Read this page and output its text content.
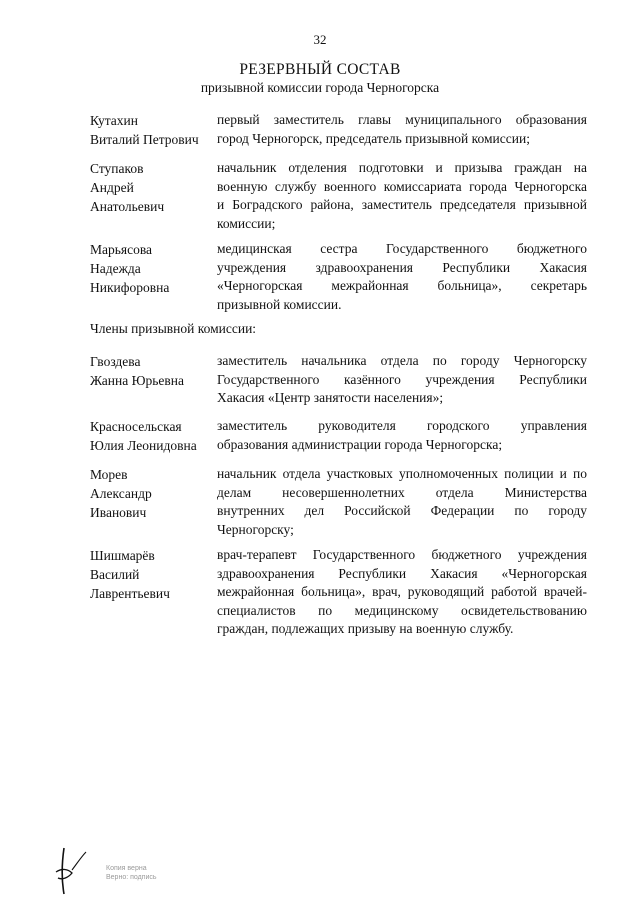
32
РЕЗЕРВНЫЙ СОСТАВ
призывной комиссии города Черногорска
Кутахин
Виталий Петрович
первый заместитель главы муниципального образования
город Черногорск, председатель призывной комиссии;
Ступаков
Андрей
Анатольевич
начальник отделения подготовки и призыва граждан на
военную службу военного комиссариата города Черногорска
и Боградского района, заместитель председателя призывной
комиссии;
Марьясова
Надежда
Никифоровна
медицинская сестра Государственного бюджетного
учреждения здравоохранения Республики Хакасия
«Черногорская межрайонная больница», секретарь
призывной комиссии.
Члены призывной комиссии:
Гвоздева
Жанна Юрьевна
заместитель начальника отдела по городу Черногорску
Государственного казённого учреждения Республики
Хакасия «Центр занятости населения»;
Красносельская
Юлия Леонидовна
заместитель руководителя городского управления
образования администрации города Черногорска;
Морев
Александр
Иванович
начальник отдела участковых уполномоченных полиции и по
делам несовершеннолетних отдела Министерства
внутренних дел Российской Федерации по городу
Черногорску;
Шишмарёв
Василий
Лаврентьевич
врач-терапевт Государственного бюджетного учреждения
здравоохранения Республики Хакасия «Черногорская
межрайонная больница», врач, руководящий работой врачей-
специалистов по медицинскому освидетельствованию
граждан, подлежащих призыву на военную службу.
Копия верна
Верно: подпись
